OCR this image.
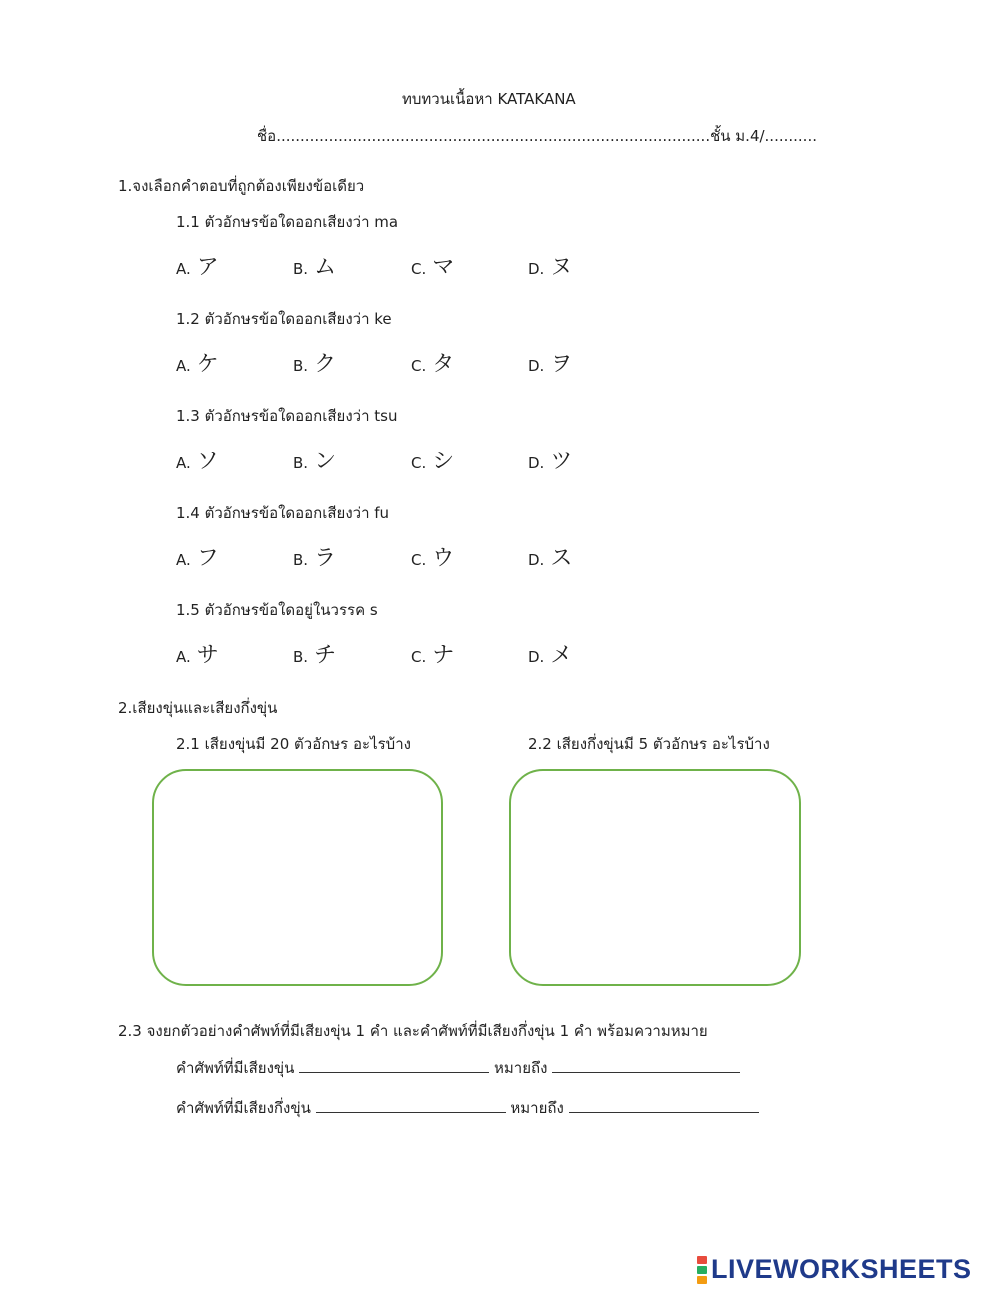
ทบทวนเนื้อหา KATAKANA
ชื่อ...........................................................................................ชั้น ม.4/...........
1.จงเลือกคำตอบที่ถูกต้องเพียงข้อเดียว
1.1 ตัวอักษรข้อใดออกเสียงว่า ma
A. ア	B. ム	C. マ	D. ヌ
1.2 ตัวอักษรข้อใดออกเสียงว่า ke
A. ケ	B. ク	C. タ	D. ヲ
1.3 ตัวอักษรข้อใดออกเสียงว่า tsu
A. ソ	B. ン	C. シ	D. ツ
1.4 ตัวอักษรข้อใดออกเสียงว่า fu
A. フ	B. ラ	C. ウ	D. ス
1.5 ตัวอักษรข้อใดอยู่ในวรรค s
A. サ	B. チ	C. ナ	D. メ
2.เสียงขุ่นและเสียงกึ่งขุ่น
2.1 เสียงขุ่นมี 20 ตัวอักษร อะไรบ้าง	2.2 เสียงกึ่งขุ่นมี 5 ตัวอักษร อะไรบ้าง
2.3 จงยกตัวอย่างคำศัพท์ที่มีเสียงขุ่น 1 คำ และคำศัพท์ที่มีเสียงกึ่งขุ่น 1 คำ พร้อมความหมาย
คำศัพท์ที่มีเสียงขุ่น	หมายถึง
คำศัพท์ที่มีเสียงกึ่งขุ่น	หมายถึง
LIVEWORKSHEETS
